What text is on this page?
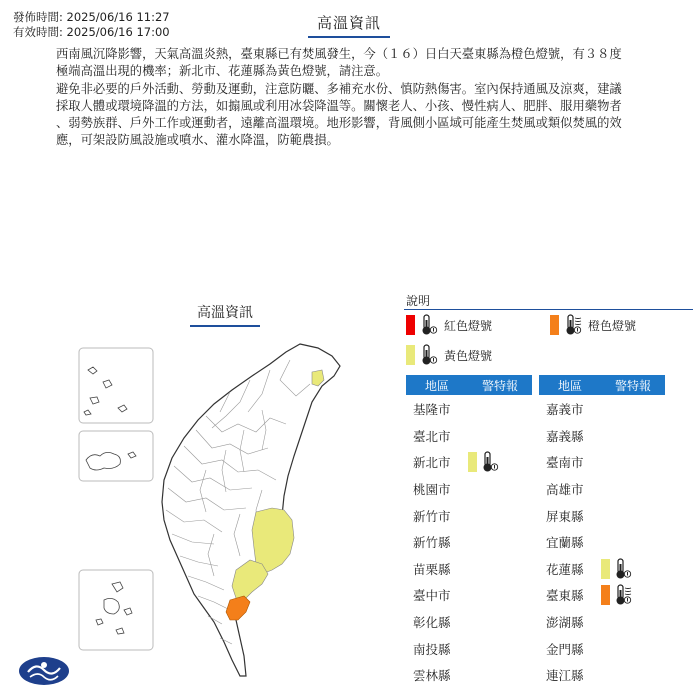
發佈時間: 2025/06/16 11:27
有效時間: 2025/06/16 17:00	高溫資訊

西南風沉降影響，天氣高溫炎熱，臺東縣已有焚風發生，今（１６）日白天臺東縣為橙色燈號，有３８度
極端高溫出現的機率；新北市、花蓮縣為黃色燈號，請注意。

避免非必要的戶外活動、勞動及運動，注意防曬、多補充水份、慎防熱傷害。室內保持通風及涼爽，建議
採取人體或環境降溫的方法，如搧風或利用冰袋降溫等。關懷老人、小孩、慢性病人、肥胖、服用藥物者
、弱勢族群、戶外工作或運動者，遠離高溫環境。地形影響，背風側小區域可能產生焚風或類似焚風的效
應，可架設防風設施或噴水、灌水降溫，防範農損。

高溫資訊
說明
紅色燈號	橙色燈號
黃色燈號
地區	警特報
基隆市
臺北市
新北市
桃園市
新竹市
新竹縣
苗栗縣
臺中市
彰化縣
南投縣
雲林縣
地區	警特報
嘉義市
嘉義縣
臺南市
高雄市
屏東縣
宜蘭縣
花蓮縣
臺東縣
澎湖縣
金門縣
連江縣
